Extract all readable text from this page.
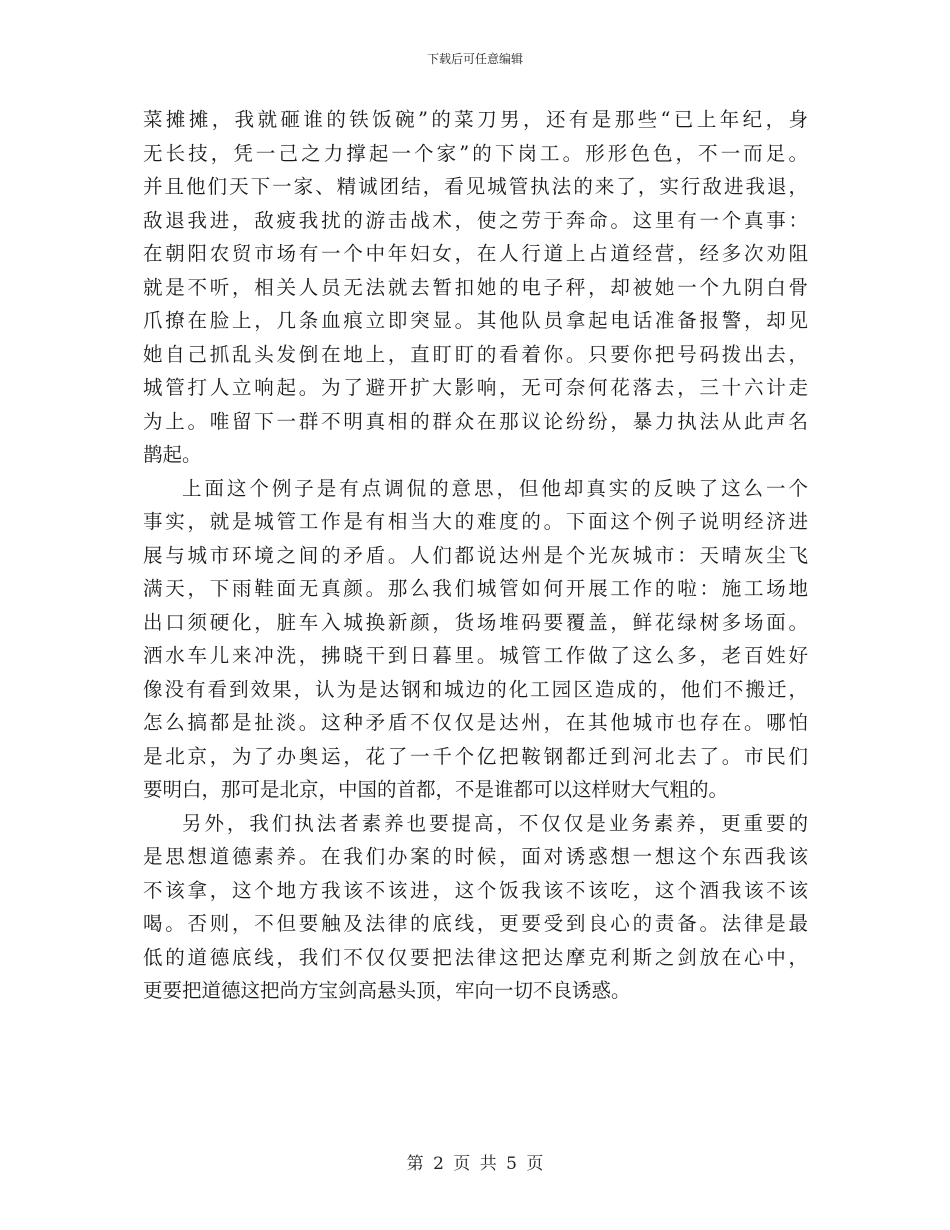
下载后可任意编辑
菜摊摊，我就砸谁的铁饭碗”的菜刀男，还有是那些“已上年纪，身
无长技，凭一己之力撑起一个家”的下岗工。形形色色，不一而足。
并且他们天下一家、精诚团结，看见城管执法的来了，实行敌进我退，
敌退我进，敌疲我扰的游击战术，使之劳于奔命。这里有一个真事：
在朝阳农贸市场有一个中年妇女，在人行道上占道经营，经多次劝阻
就是不听，相关人员无法就去暂扣她的电子秤，却被她一个九阴白骨
爪撩在脸上，几条血痕立即突显。其他队员拿起电话准备报警，却见
她自己抓乱头发倒在地上，直盯盯的看着你。只要你把号码拨出去，
城管打人立响起。为了避开扩大影响，无可奈何花落去，三十六计走
为上。唯留下一群不明真相的群众在那议论纷纷，暴力执法从此声名
鹊起。
上面这个例子是有点调侃的意思，但他却真实的反映了这么一个
事实，就是城管工作是有相当大的难度的。下面这个例子说明经济进
展与城市环境之间的矛盾。人们都说达州是个光灰城市：天晴灰尘飞
满天，下雨鞋面无真颜。那么我们城管如何开展工作的啦：施工场地
出口须硬化，脏车入城换新颜，货场堆码要覆盖，鲜花绿树多场面。
洒水车儿来冲洗，拂晓干到日暮里。城管工作做了这么多，老百姓好
像没有看到效果，认为是达钢和城边的化工园区造成的，他们不搬迁，
怎么搞都是扯淡。这种矛盾不仅仅是达州，在其他城市也存在。哪怕
是北京，为了办奥运，花了一千个亿把鞍钢都迁到河北去了。市民们
要明白，那可是北京，中国的首都，不是谁都可以这样财大气粗的。
另外，我们执法者素养也要提高，不仅仅是业务素养，更重要的
是思想道德素养。在我们办案的时候，面对诱惑想一想这个东西我该
不该拿，这个地方我该不该进，这个饭我该不该吃，这个酒我该不该
喝。否则，不但要触及法律的底线，更要受到良心的责备。法律是最
低的道德底线，我们不仅仅要把法律这把达摩克利斯之剑放在心中，
更要把道德这把尚方宝剑高悬头顶，牢向一切不良诱惑。
第 2 页 共 5 页
